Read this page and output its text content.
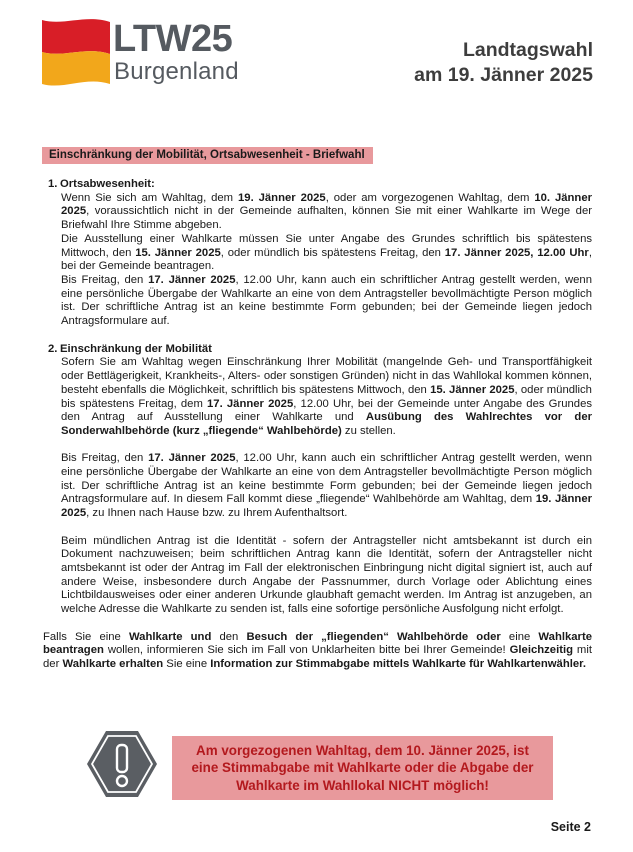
LTW25
Burgenland
Landtagswahl
am 19. Jänner 2025
Einschränkung der Mobilität, Ortsabwesenheit - Briefwahl
1. Ortsabwesenheit:

Wenn Sie sich am Wahltag, dem 19. Jänner 2025, oder am vorgezogenen Wahltag, dem 10. Jänner 2025, voraussichtlich nicht in der Gemeinde aufhalten, können Sie mit einer Wahlkarte im Wege der Briefwahl Ihre Stimme abgeben.

Die Ausstellung einer Wahlkarte müssen Sie unter Angabe des Grundes schriftlich bis spätestens Mittwoch, den 15. Jänner 2025, oder mündlich bis spätestens Freitag, den 17. Jänner 2025, 12.00 Uhr, bei der Gemeinde beantragen.

Bis Freitag, den 17. Jänner 2025, 12.00 Uhr, kann auch ein schriftlicher Antrag gestellt werden, wenn eine persönliche Übergabe der Wahlkarte an eine von dem Antragsteller bevollmächtigte Person möglich ist. Der schriftliche Antrag ist an keine bestimmte Form gebunden; bei der Gemeinde liegen jedoch Antragsformulare auf.

2. Einschränkung der Mobilität

Sofern Sie am Wahltag wegen Einschränkung Ihrer Mobilität (mangelnde Geh- und Transportfähigkeit oder Bettlägerigkeit, Krankheits-, Alters- oder sonstigen Gründen) nicht in das Wahllokal kommen können, besteht ebenfalls die Möglichkeit, schriftlich bis spätestens Mittwoch, den 15. Jänner 2025, oder mündlich bis spätestens Freitag, dem 17. Jänner 2025, 12.00 Uhr, bei der Gemeinde unter Angabe des Grundes den Antrag auf Ausstellung einer Wahlkarte und Ausübung des Wahlrechtes vor der Sonderwahlbehörde (kurz „fliegende“ Wahlbehörde) zu stellen.

Bis Freitag, den 17. Jänner 2025, 12.00 Uhr, kann auch ein schriftlicher Antrag gestellt werden, wenn eine persönliche Übergabe der Wahlkarte an eine von dem Antragsteller bevollmächtigte Person möglich ist. Der schriftliche Antrag ist an keine bestimmte Form gebunden; bei der Gemeinde liegen jedoch Antragsformulare auf. In diesem Fall kommt diese „fliegende“ Wahlbehörde am Wahltag, dem 19. Jänner 2025, zu Ihnen nach Hause bzw. zu Ihrem Aufenthaltsort.

Beim mündlichen Antrag ist die Identität - sofern der Antragsteller nicht amtsbekannt ist durch ein Dokument nachzuweisen; beim schriftlichen Antrag kann die Identität, sofern der Antragsteller nicht amtsbekannt ist oder der Antrag im Fall der elektronischen Einbringung nicht digital signiert ist, auch auf andere Weise, insbesondere durch Angabe der Passnummer, durch Vorlage oder Ablichtung eines Lichtbildausweises oder einer anderen Urkunde glaubhaft gemacht werden. Im Antrag ist anzugeben, an welche Adresse die Wahlkarte zu senden ist, falls eine sofortige persönliche Ausfolgung nicht erfolgt.

Falls Sie eine Wahlkarte und den Besuch der „fliegenden“ Wahlbehörde oder eine Wahlkarte beantragen wollen, informieren Sie sich im Fall von Unklarheiten bitte bei Ihrer Gemeinde! Gleichzeitig mit der Wahlkarte erhalten Sie eine Information zur Stimmabgabe mittels Wahlkarte für Wahlkartenwähler.
Am vorgezogenen Wahltag, dem 10. Jänner 2025, ist eine Stimmabgabe mit Wahlkarte oder die Abgabe der Wahlkarte im Wahllokal NICHT möglich!
Seite 2
